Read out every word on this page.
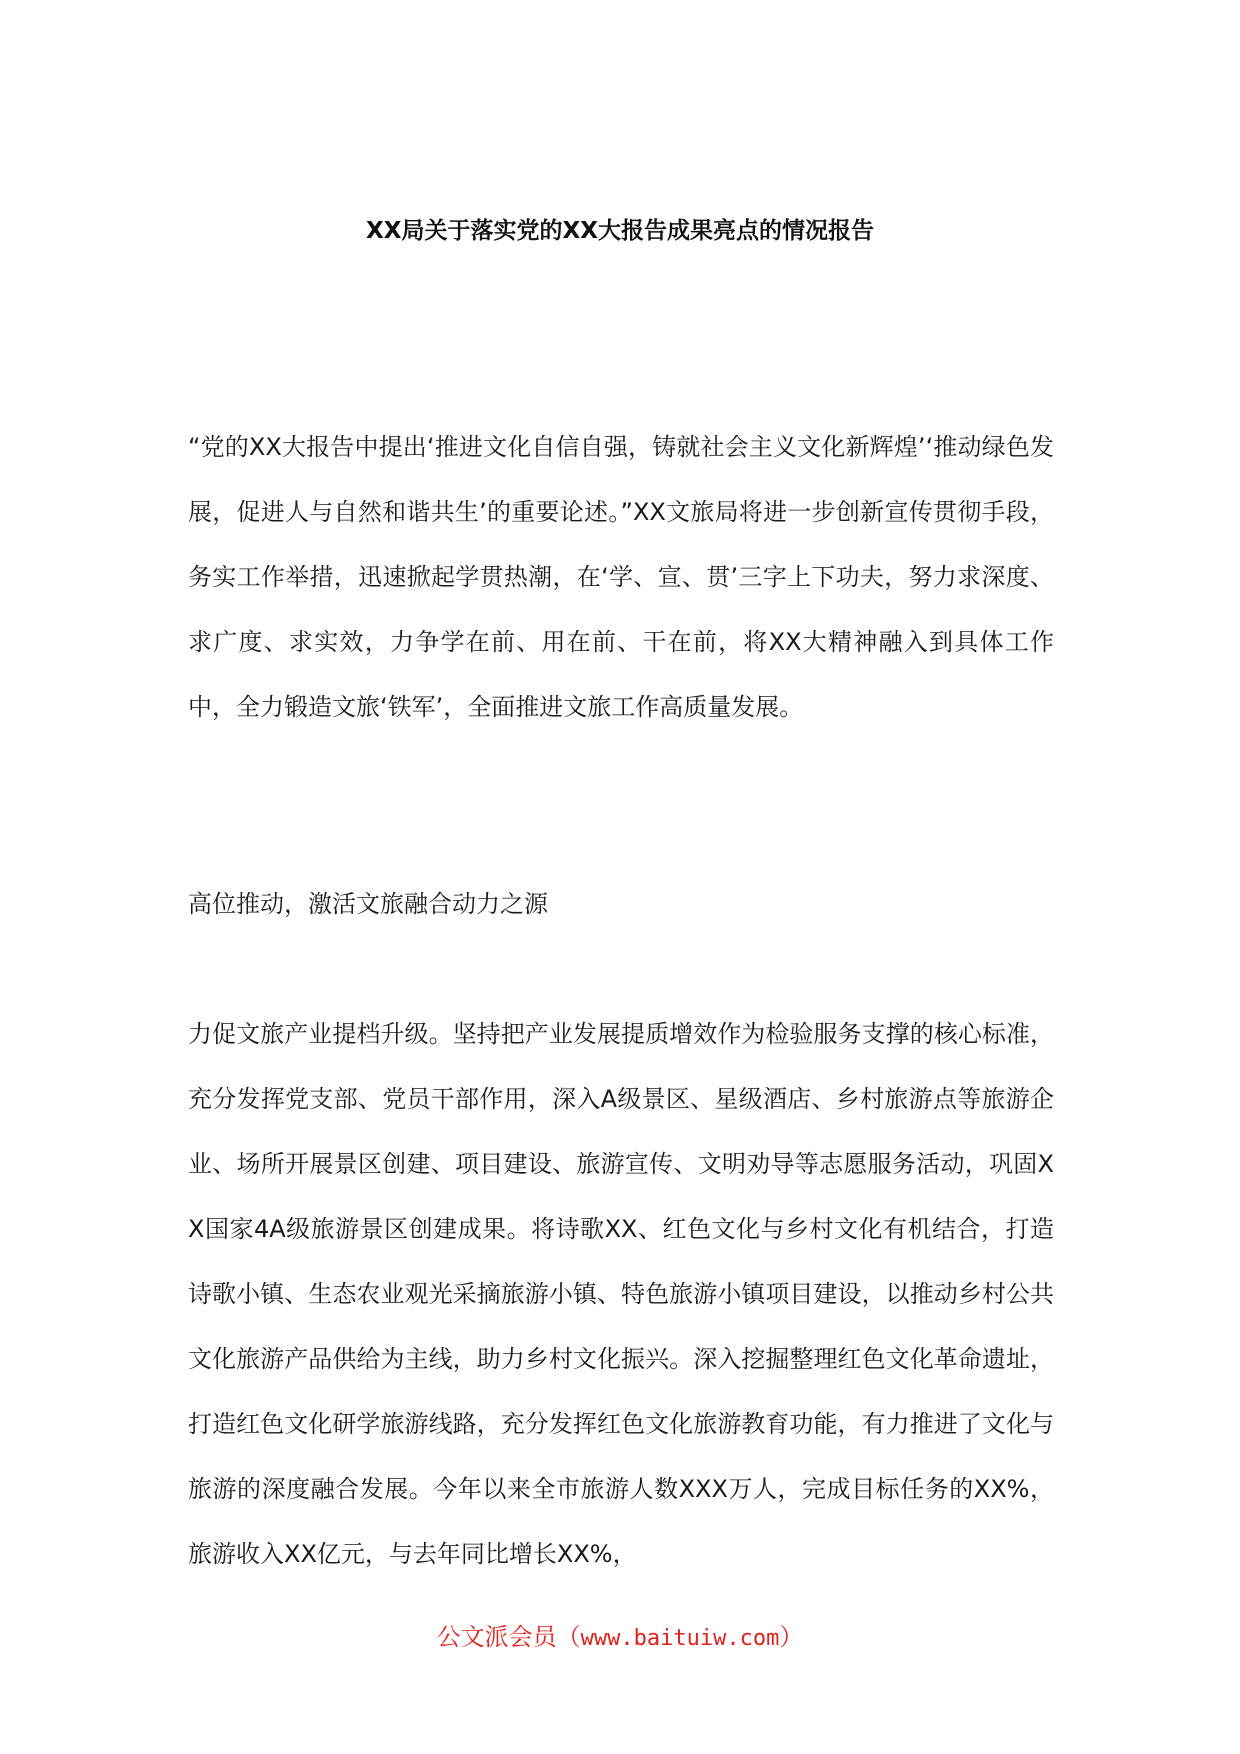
XX局关于落实党的XX大报告成果亮点的情况报告

“党的XX大报告中提出‘推进文化自信自强，铸就社会主义文化新辉煌’‘推动绿色发展，促进人与自然和谐共生’的重要论述。”XX文旅局将进一步创新宣传贯彻手段，务实工作举措，迅速掀起学贯热潮，在‘学、宣、贯’三字上下功夫，努力求深度、求广度、求实效，力争学在前、用在前、干在前，将XX大精神融入到具体工作中，全力锻造文旅‘铁军’，全面推进文旅工作高质量发展。

高位推动，激活文旅融合动力之源

力促文旅产业提档升级。坚持把产业发展提质增效作为检验服务支撑的核心标准，充分发挥党支部、党员干部作用，深入A级景区、星级酒店、乡村旅游点等旅游企业、场所开展景区创建、项目建设、旅游宣传、文明劝导等志愿服务活动，巩固XX国家4A级旅游景区创建成果。将诗歌XX、红色文化与乡村文化有机结合，打造诗歌小镇、生态农业观光采摘旅游小镇、特色旅游小镇项目建设，以推动乡村公共文化旅游产品供给为主线，助力乡村文化振兴。深入挖掘整理红色文化革命遗址，打造红色文化研学旅游线路，充分发挥红色文化旅游教育功能，有力推进了文化与旅游的深度融合发展。今年以来全市旅游人数XXX万人，完成目标任务的XX%，旅游收入XX亿元，与去年同比增长XX%，

公文派会员（www.baituiw.com）
